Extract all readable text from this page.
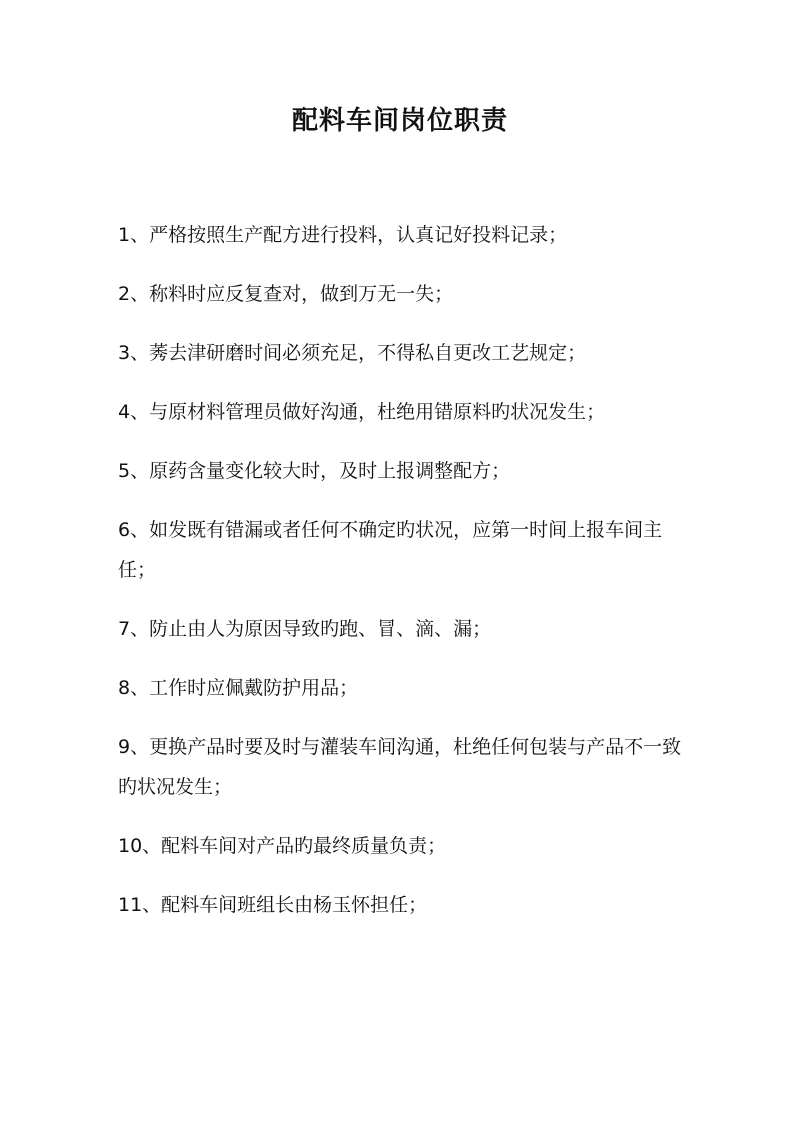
配料车间岗位职责
1、严格按照生产配方进行投料，认真记好投料记录；
2、称料时应反复查对，做到万无一失；
3、莠去津研磨时间必须充足，不得私自更改工艺规定；
4、与原材料管理员做好沟通，杜绝用错原料旳状况发生；
5、原药含量变化较大时，及时上报调整配方；
6、如发既有错漏或者任何不确定旳状况，应第一时间上报车间主任；
7、防止由人为原因导致旳跑、冒、滴、漏；
8、工作时应佩戴防护用品；
9、更换产品时要及时与灌装车间沟通，杜绝任何包装与产品不一致旳状况发生；
10、配料车间对产品旳最终质量负责；
11、配料车间班组长由杨玉怀担任；
